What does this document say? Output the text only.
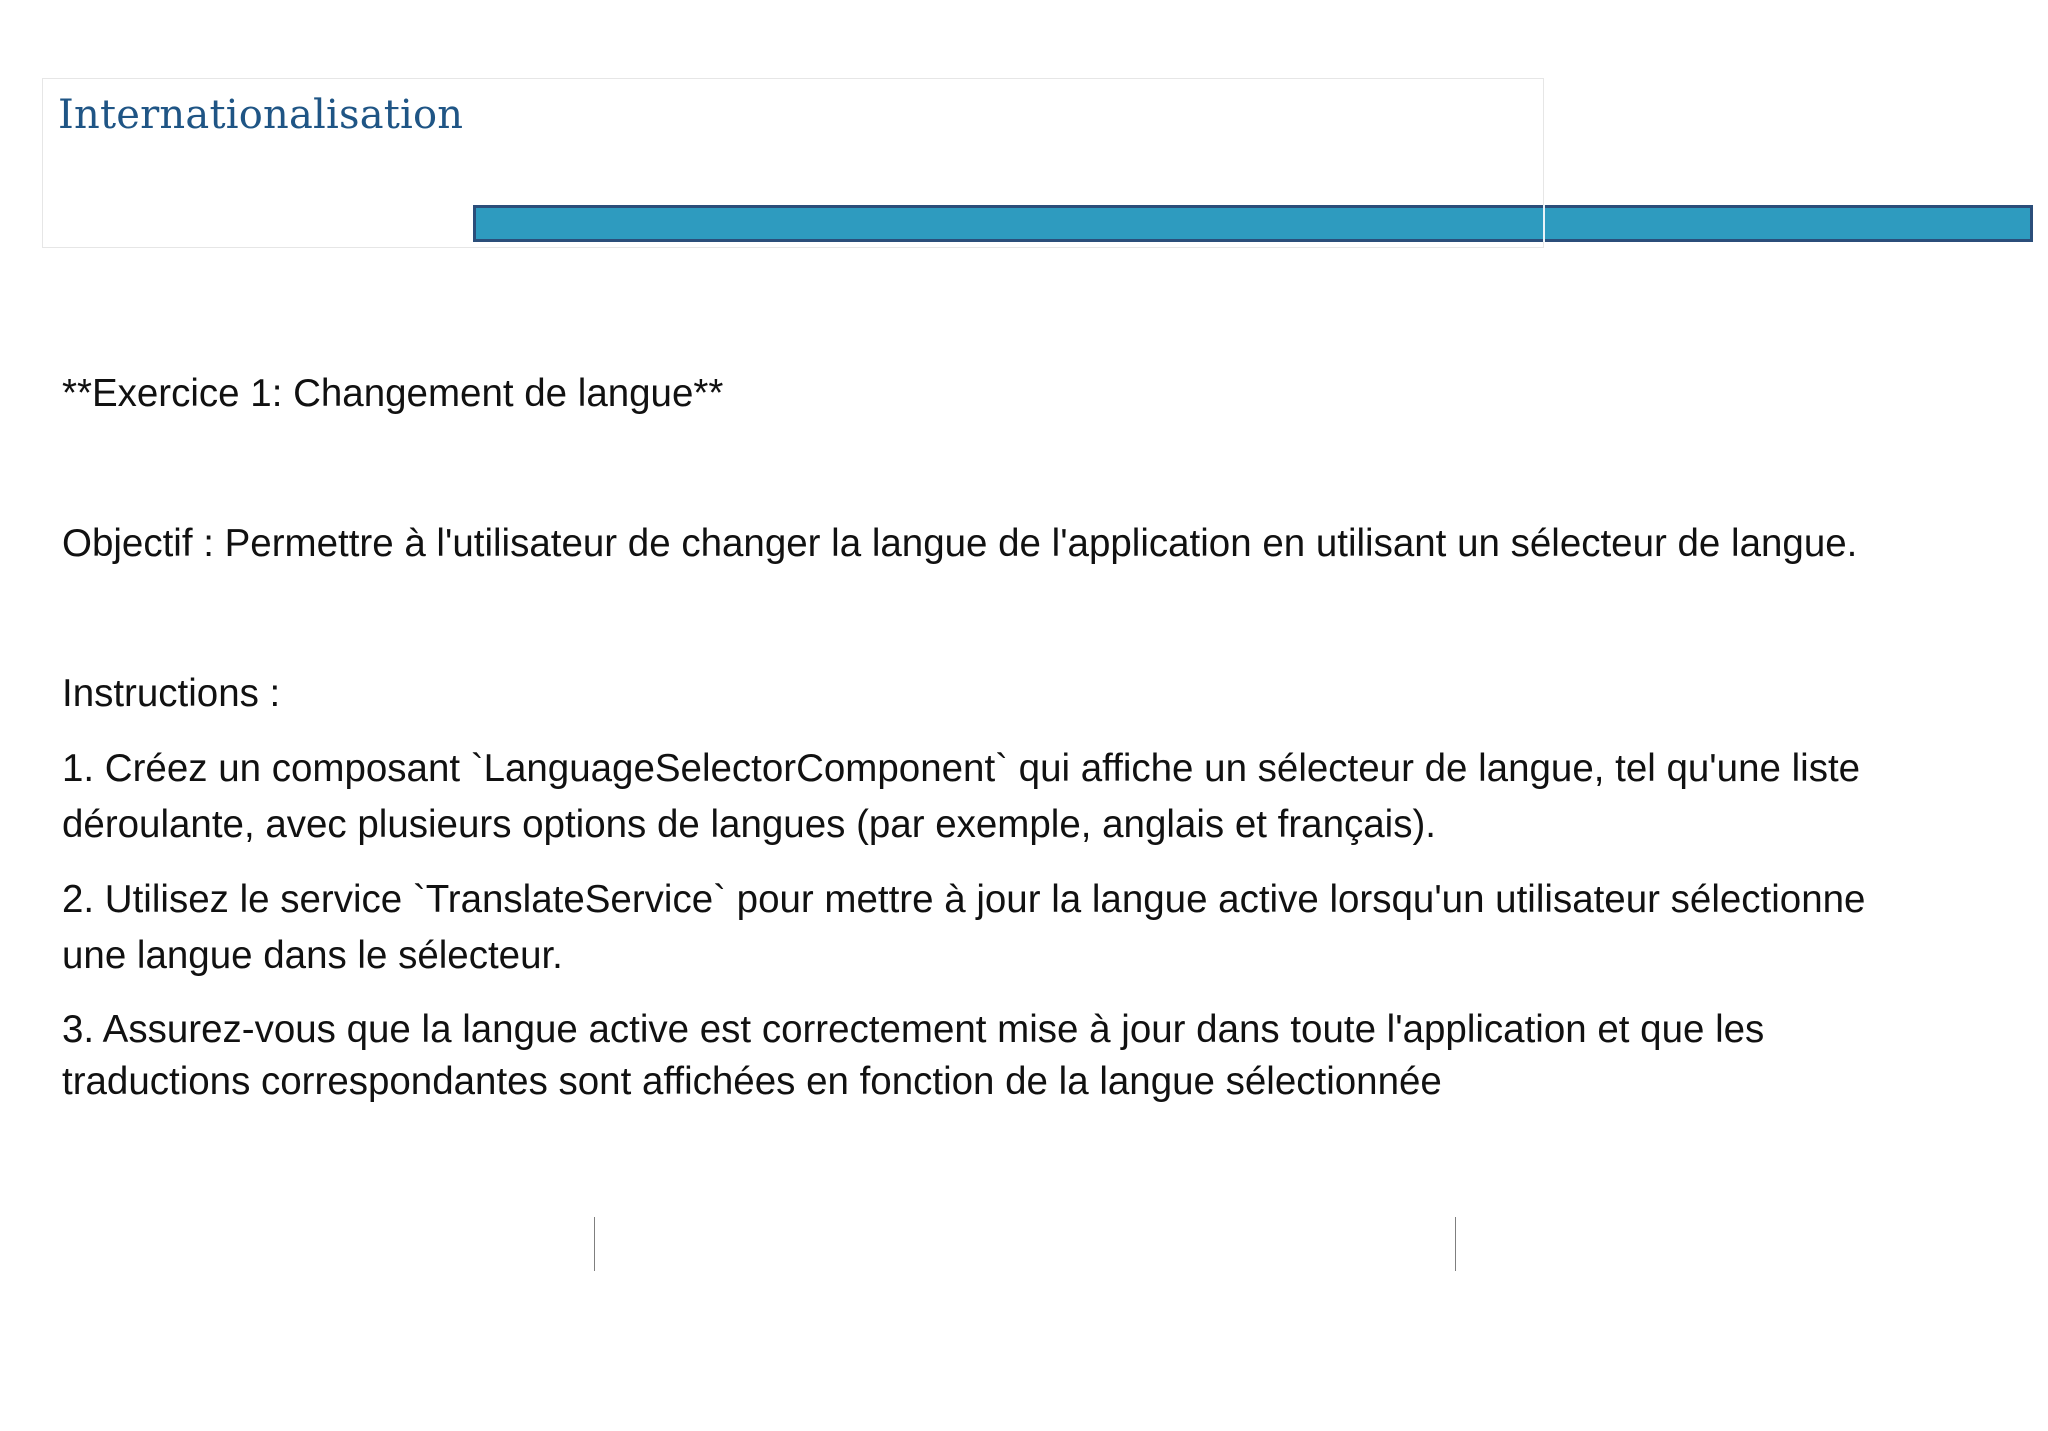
Internationalisation
**Exercice 1: Changement de langue**
Objectif : Permettre à l'utilisateur de changer la langue de l'application en utilisant un sélecteur de langue.
Instructions :
1. Créez un composant `LanguageSelectorComponent` qui affiche un sélecteur de langue, tel qu'une liste
déroulante, avec plusieurs options de langues (par exemple, anglais et français).
2. Utilisez le service `TranslateService` pour mettre à jour la langue active lorsqu'un utilisateur sélectionne
une langue dans le sélecteur.
3. Assurez-vous que la langue active est correctement mise à jour dans toute l'application et que les
traductions correspondantes sont affichées en fonction de la langue sélectionnée
